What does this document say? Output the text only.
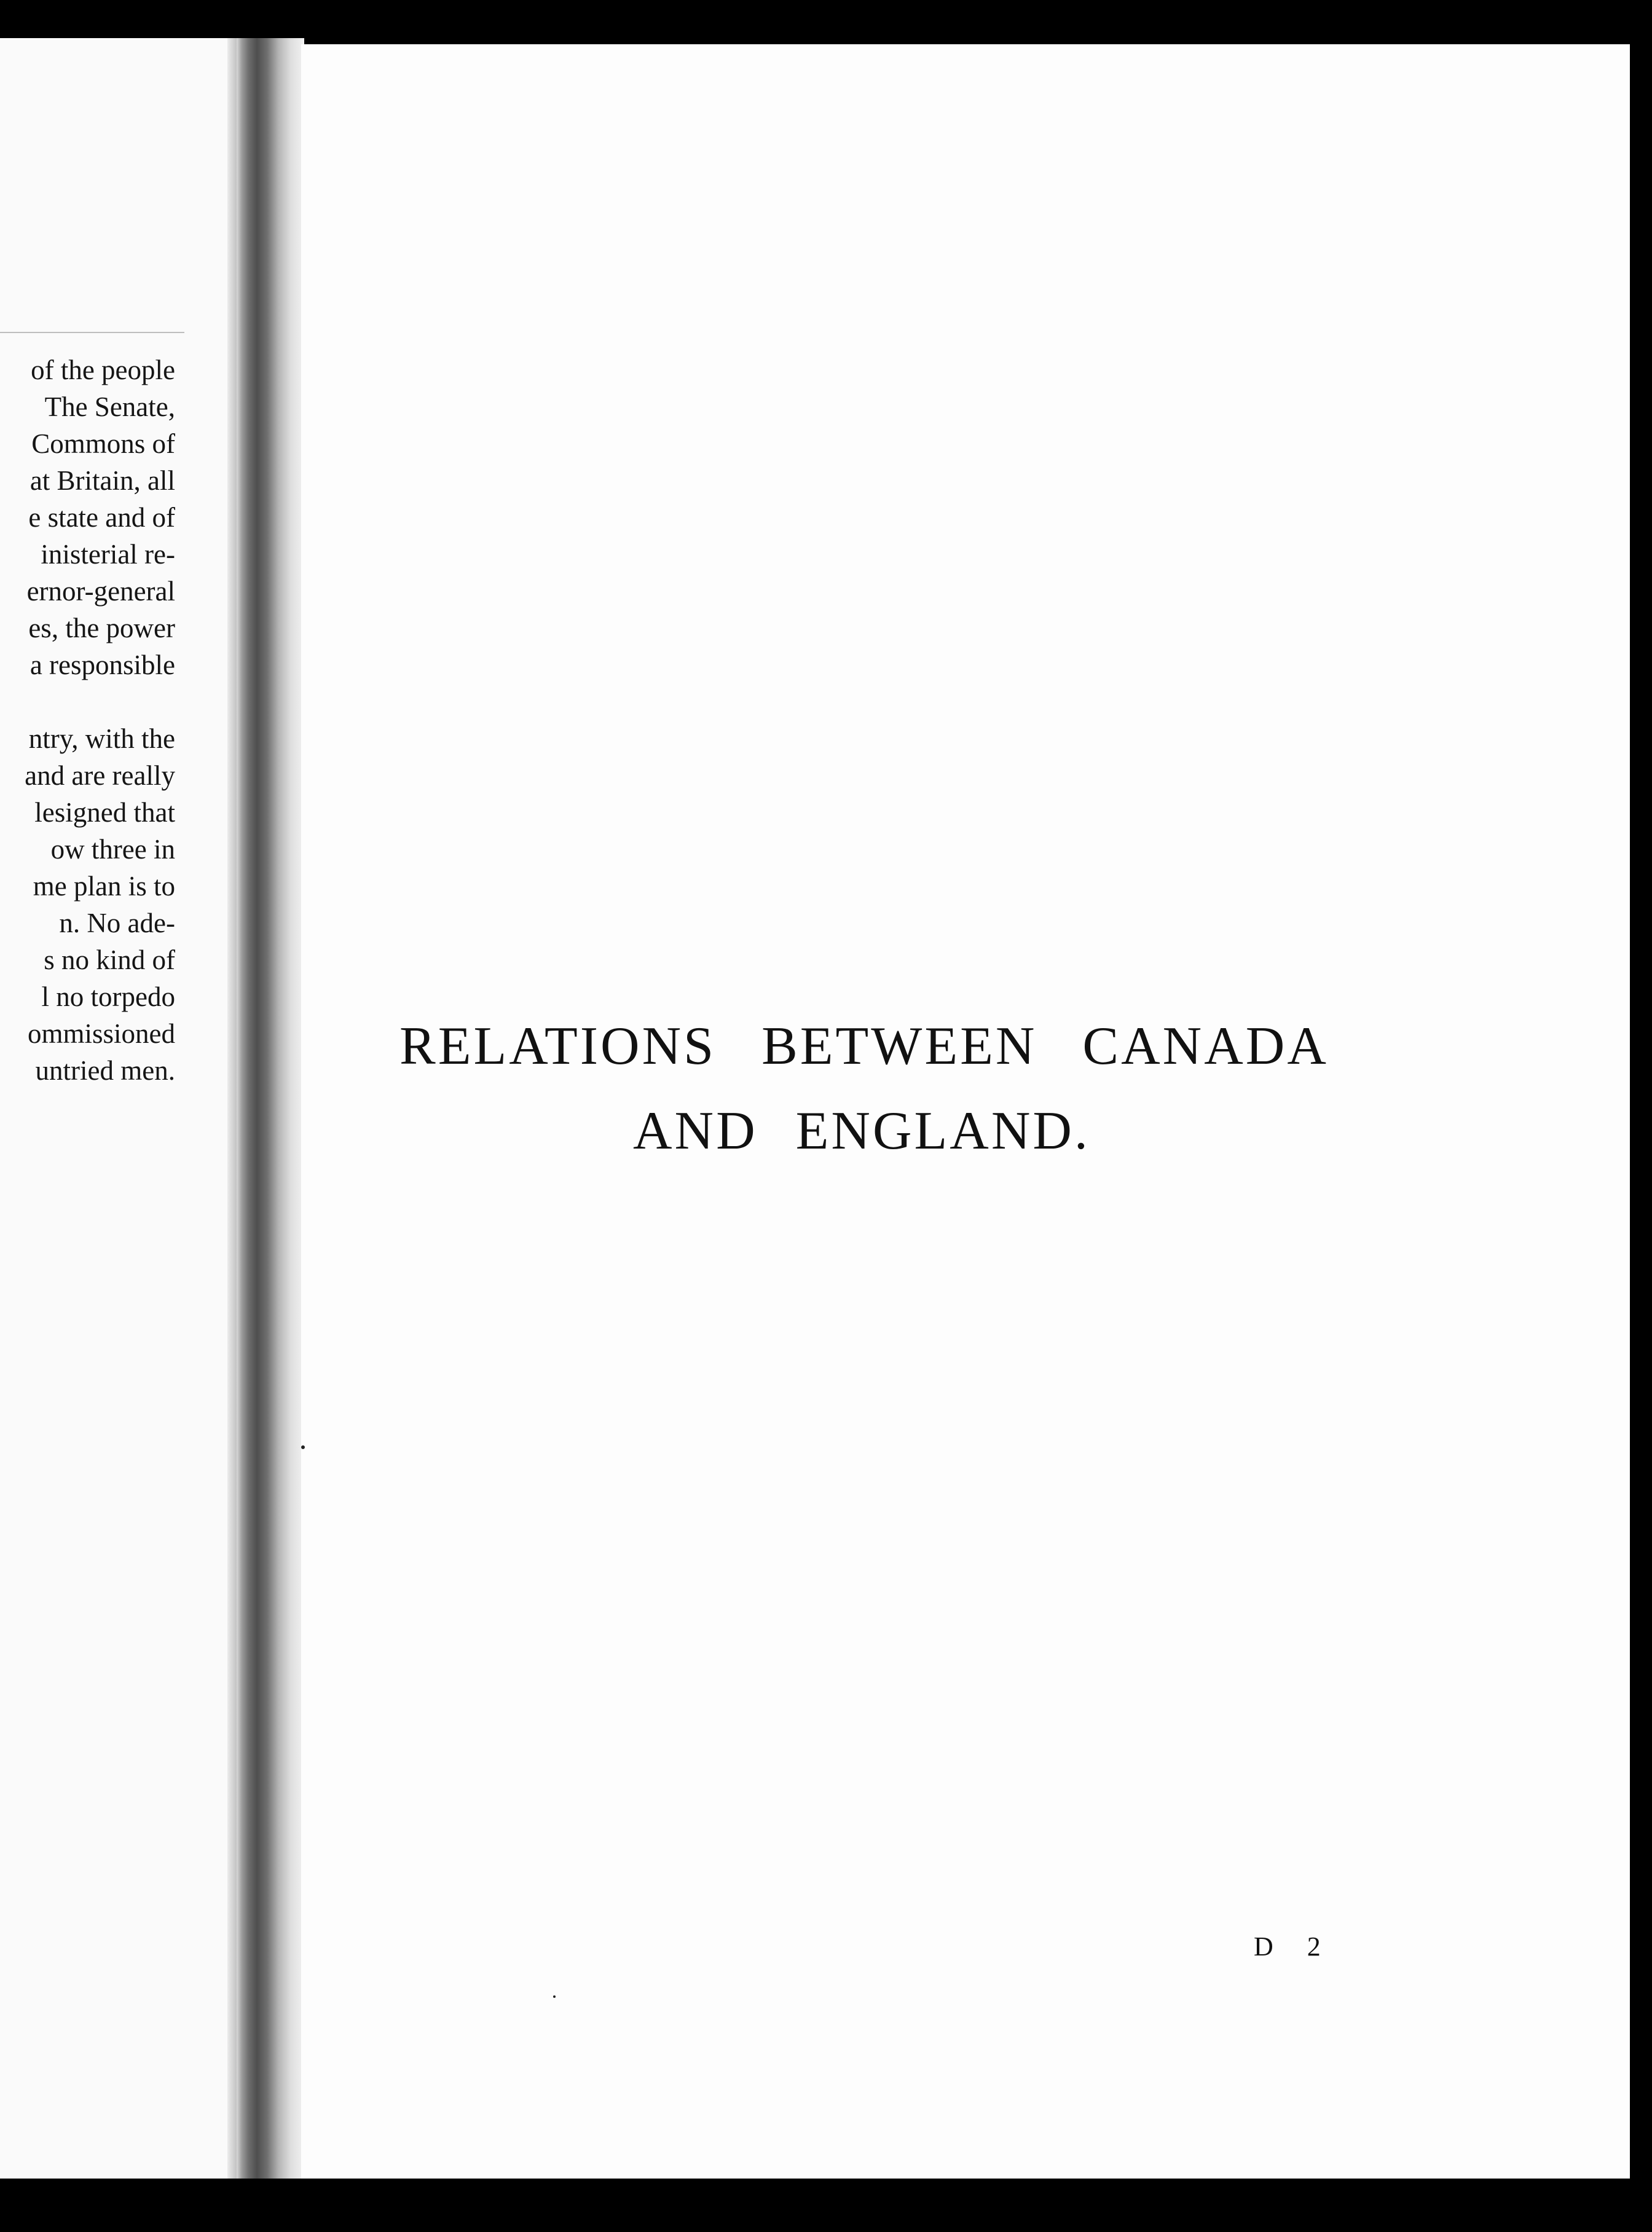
of the people
The Senate,
Commons of
at Britain, all
e state and of
inisterial re-
ernor-general
es, the power
a responsible
ntry, with the
and are really
lesigned that
ow three in
me plan is to
n. No ade-
s no kind of
l no torpedo
ommissioned
untried men.	RELATIONS BETWEEN CANADA
AND ENGLAND.
D 2
